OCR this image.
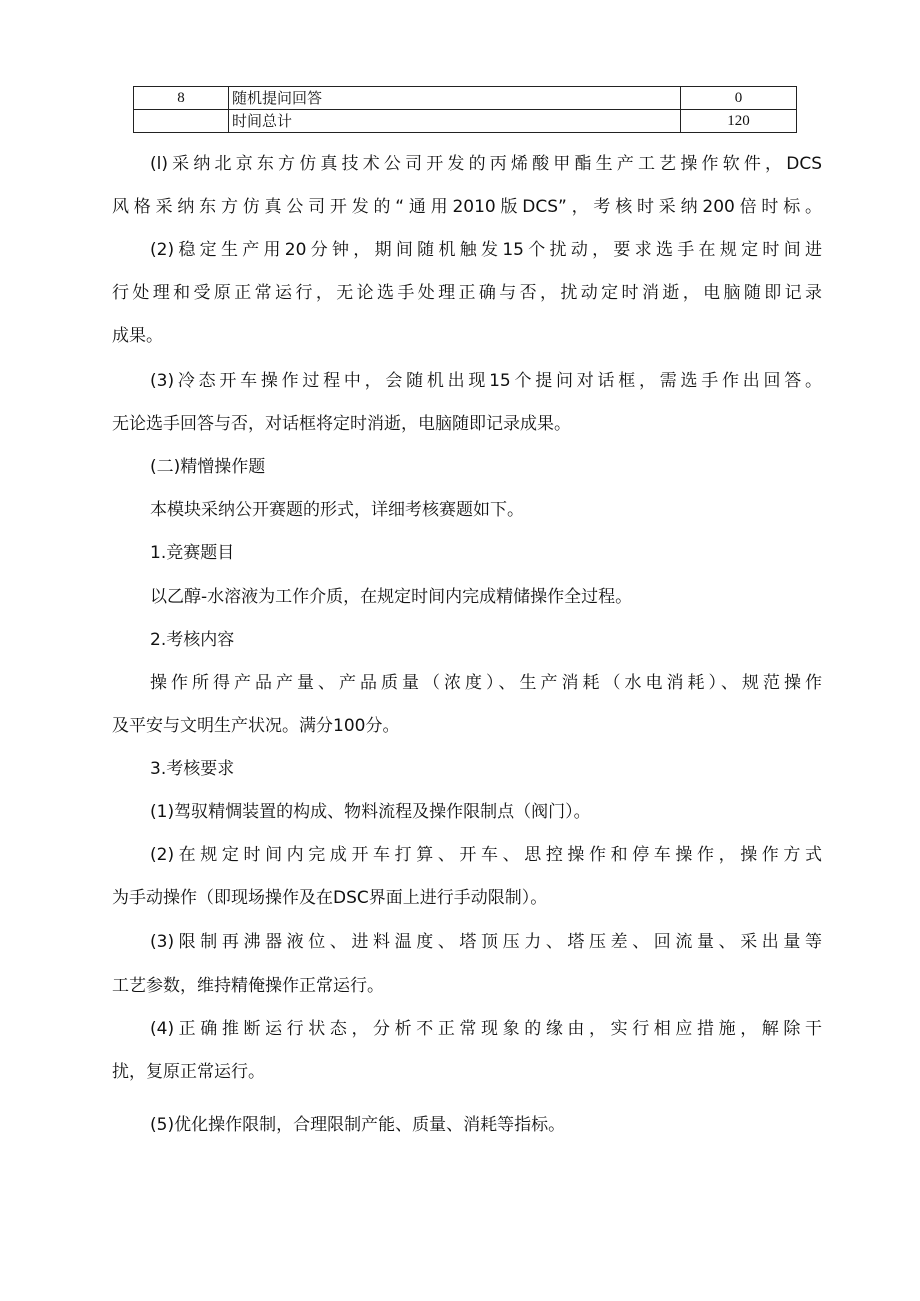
8	随机提问回答	0
	时间总计	120
(l)采纳北京东方仿真技术公司开发的丙烯酸甲酯生产工艺操作软件，DCS
风格采纳东方仿真公司开发的“通用2010版DCS”，考核时采纳200倍时标。
(2)稳定生产用20分钟，期间随机触发15个扰动，要求选手在规定时间进
行处理和受原正常运行，无论选手处理正确与否，扰动定时消逝，电脑随即记录
成果。
(3)冷态开车操作过程中，会随机出现15个提问对话框，需选手作出回答。
无论选手回答与否，对话框将定时消逝，电脑随即记录成果。
(二)精憎操作题
本模块采纳公开赛题的形式，详细考核赛题如下。
1.竞赛题目
以乙醇-水溶液为工作介质，在规定时间内完成精储操作全过程。
2.考核内容
操作所得产品产量、产品质量（浓度）、生产消耗（水电消耗）、规范操作
及平安与文明生产状况。满分100分。
3.考核要求
(1)驾驭精惆装置的构成、物料流程及操作限制点（阀门）。
(2)在规定时间内完成开车打算、开车、思控操作和停车操作，操作方式
为手动操作（即现场操作及在DSC界面上进行手动限制）。
(3)限制再沸器液位、进料温度、塔顶压力、塔压差、回流量、采出量等
工艺参数，维持精俺操作正常运行。
(4)正确推断运行状态，分析不正常现象的缘由，实行相应措施，解除干
扰，复原正常运行。
(5)优化操作限制，合理限制产能、质量、消耗等指标。
